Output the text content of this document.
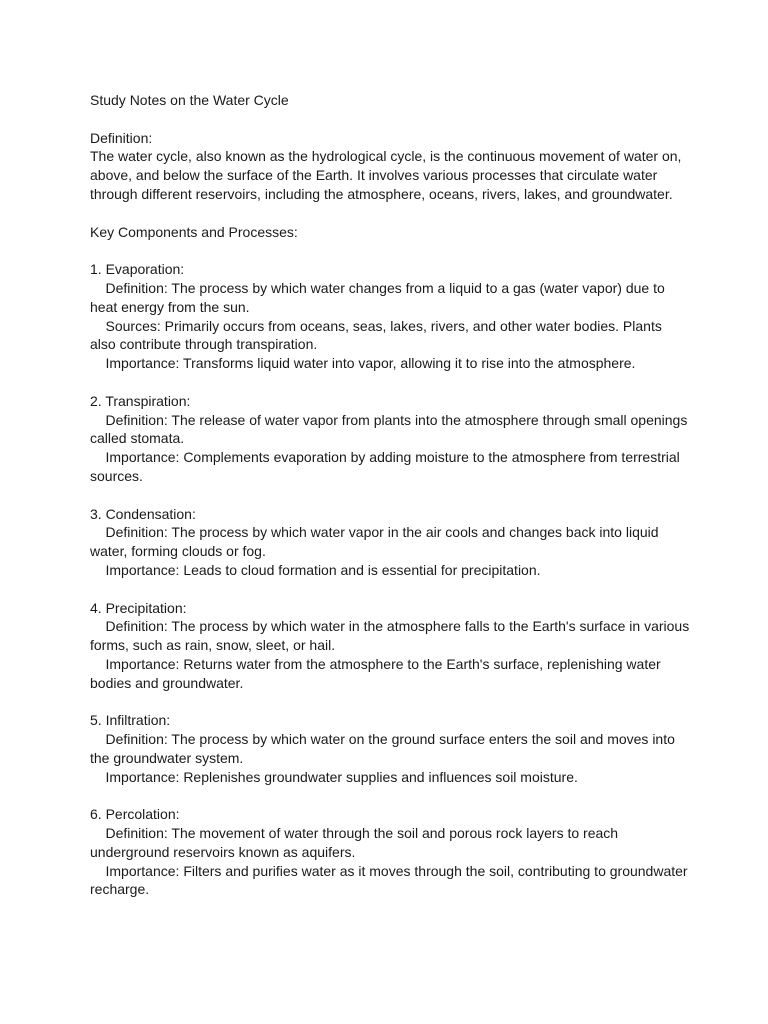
Study Notes on the Water Cycle
Definition:
The water cycle, also known as the hydrological cycle, is the continuous movement of water on, above, and below the surface of the Earth. It involves various processes that circulate water through different reservoirs, including the atmosphere, oceans, rivers, lakes, and groundwater.
Key Components and Processes:
1. Evaporation:
Definition: The process by which water changes from a liquid to a gas (water vapor) due to heat energy from the sun.
Sources: Primarily occurs from oceans, seas, lakes, rivers, and other water bodies. Plants also contribute through transpiration.
Importance: Transforms liquid water into vapor, allowing it to rise into the atmosphere.
2. Transpiration:
Definition: The release of water vapor from plants into the atmosphere through small openings called stomata.
Importance: Complements evaporation by adding moisture to the atmosphere from terrestrial sources.
3. Condensation:
Definition: The process by which water vapor in the air cools and changes back into liquid water, forming clouds or fog.
Importance: Leads to cloud formation and is essential for precipitation.
4. Precipitation:
Definition: The process by which water in the atmosphere falls to the Earth's surface in various forms, such as rain, snow, sleet, or hail.
Importance: Returns water from the atmosphere to the Earth's surface, replenishing water bodies and groundwater.
5. Infiltration:
Definition: The process by which water on the ground surface enters the soil and moves into the groundwater system.
Importance: Replenishes groundwater supplies and influences soil moisture.
6. Percolation:
Definition: The movement of water through the soil and porous rock layers to reach underground reservoirs known as aquifers.
Importance: Filters and purifies water as it moves through the soil, contributing to groundwater recharge.
